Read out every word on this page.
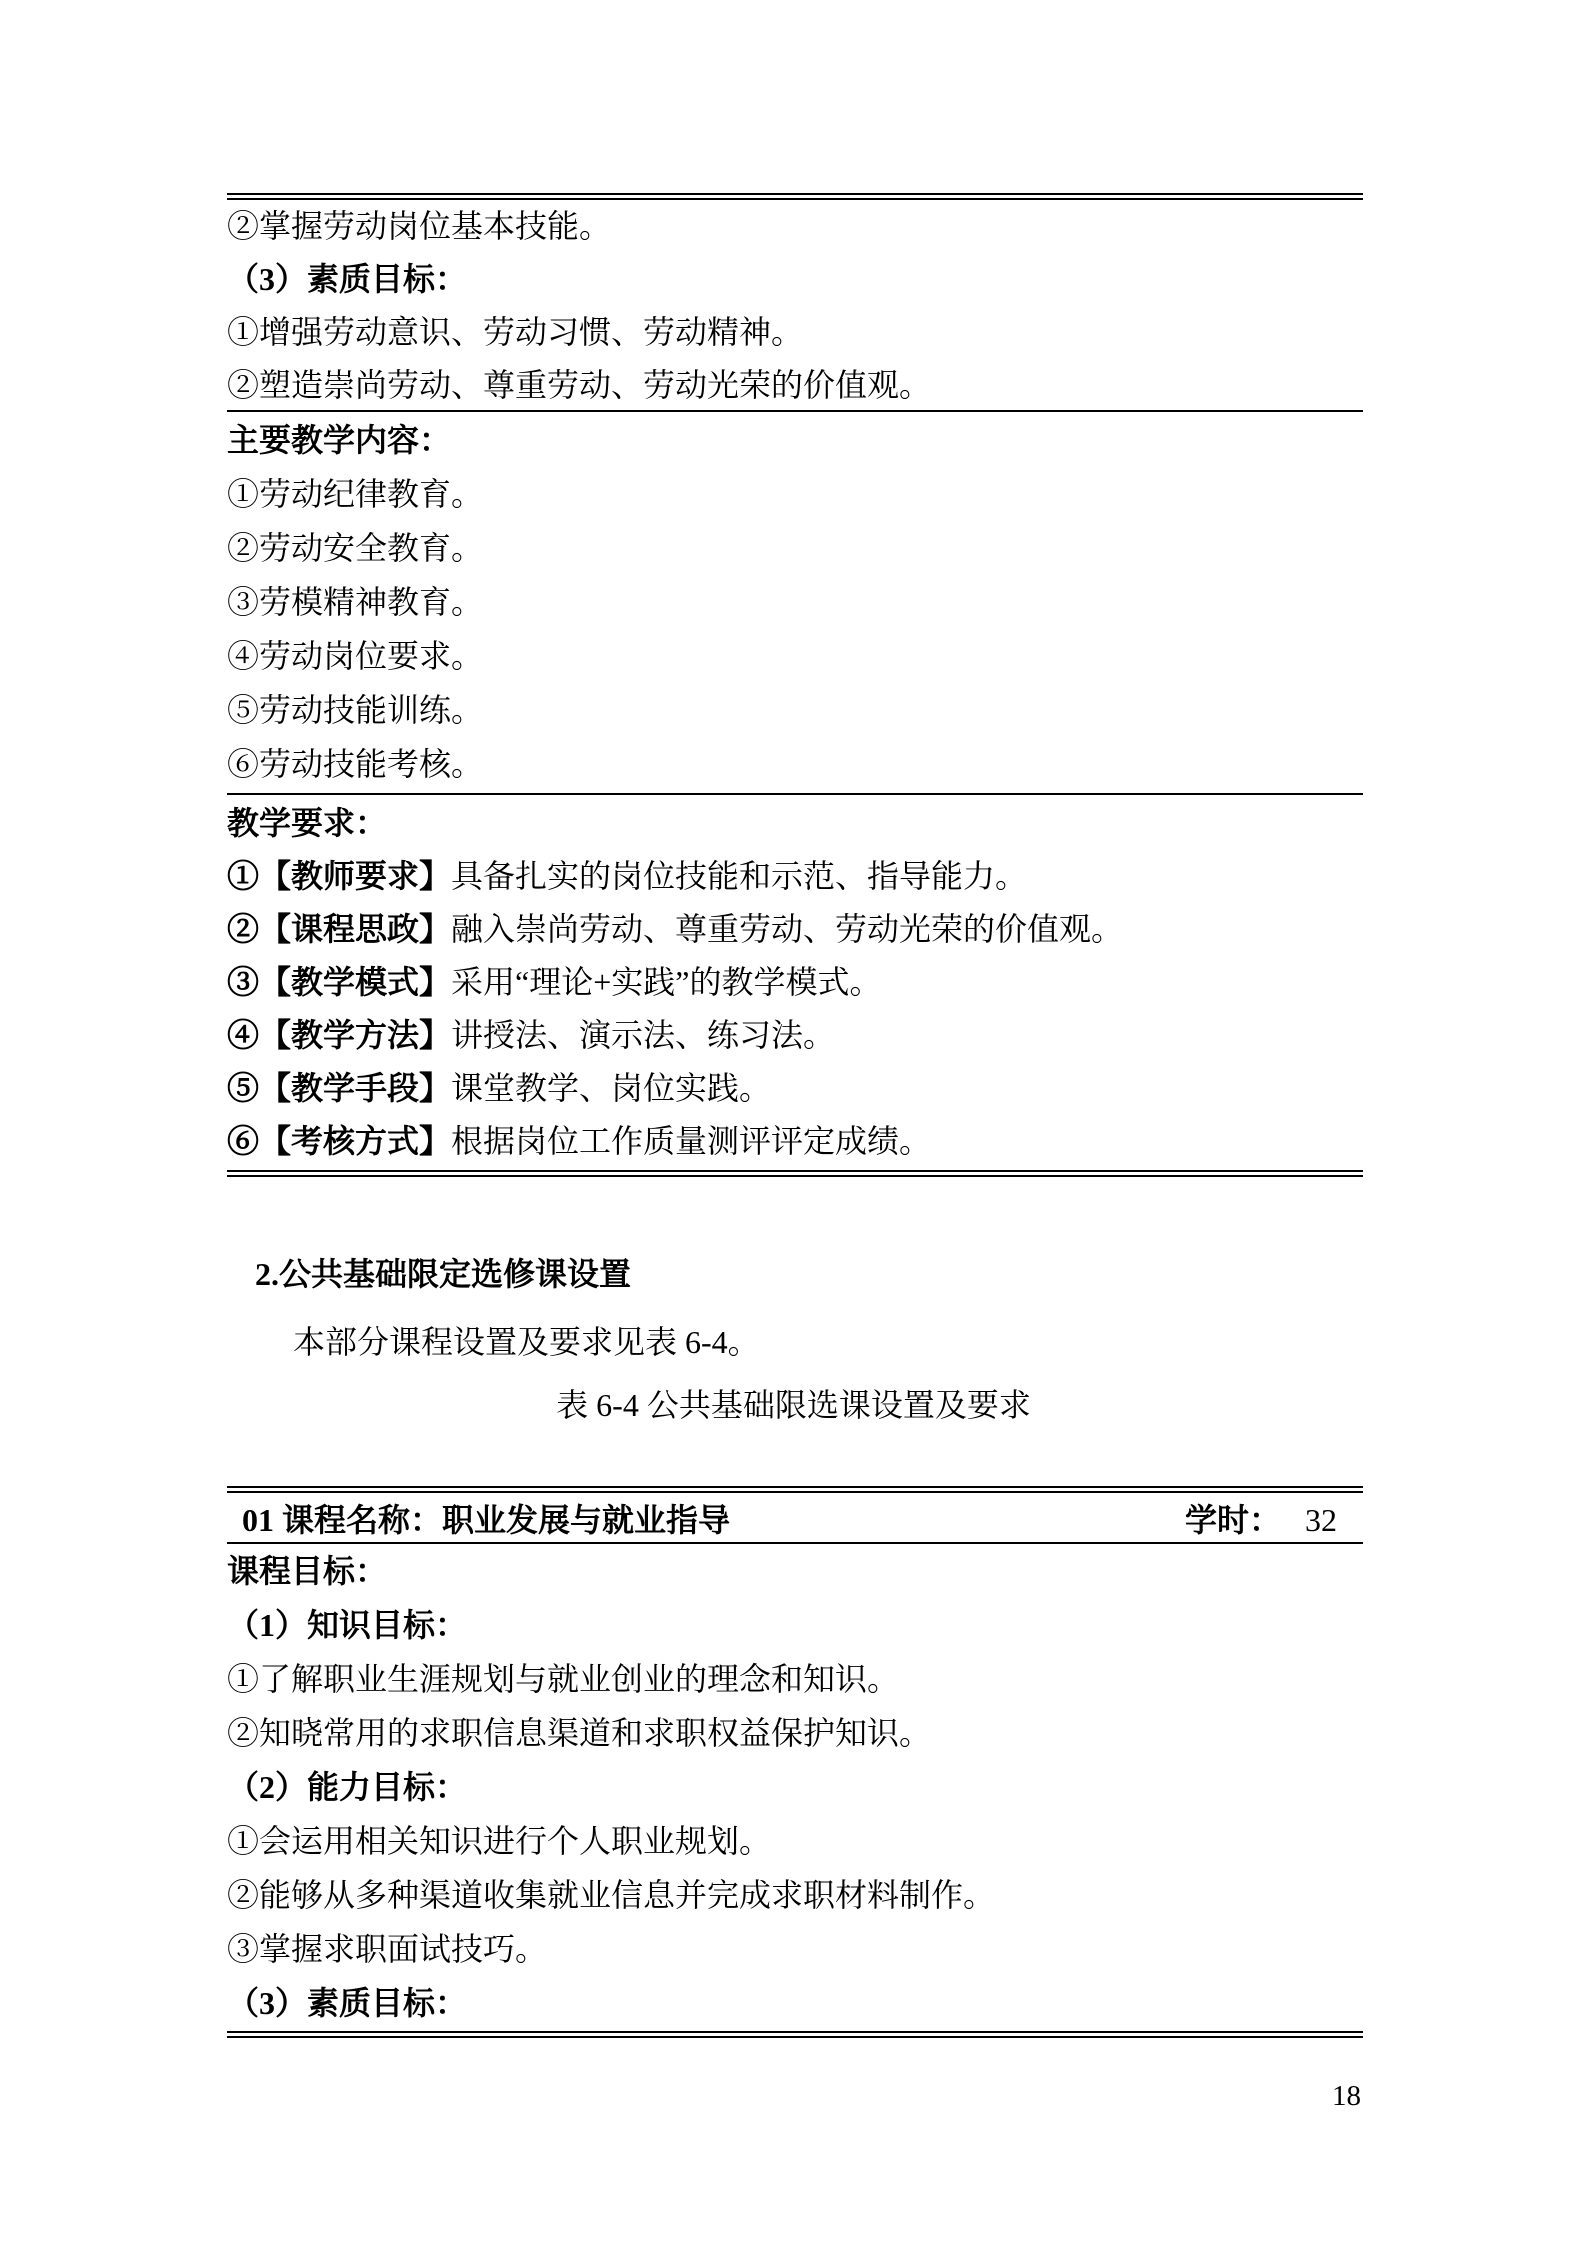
②掌握劳动岗位基本技能。

（3）素质目标：

①增强劳动意识、劳动习惯、劳动精神。

②塑造崇尚劳动、尊重劳动、劳动光荣的价值观。

主要教学内容：

①劳动纪律教育。

②劳动安全教育。

③劳模精神教育。

④劳动岗位要求。

⑤劳动技能训练。

⑥劳动技能考核。

教学要求：

①【教师要求】具备扎实的岗位技能和示范、指导能力。

②【课程思政】融入崇尚劳动、尊重劳动、劳动光荣的价值观。

③【教学模式】采用“理论+实践”的教学模式。

④【教学方法】讲授法、演示法、练习法。

⑤【教学手段】课堂教学、岗位实践。

⑥【考核方式】根据岗位工作质量测评评定成绩。

2.公共基础限定选修课设置

本部分课程设置及要求见表 6-4。

表 6-4 公共基础限选课设置及要求

01 课程名称：职业发展与就业指导	学时： 32

课程目标：

（1）知识目标：

①了解职业生涯规划与就业创业的理念和知识。

②知晓常用的求职信息渠道和求职权益保护知识。

（2）能力目标：

①会运用相关知识进行个人职业规划。

②能够从多种渠道收集就业信息并完成求职材料制作。

③掌握求职面试技巧。

（3）素质目标：

18
